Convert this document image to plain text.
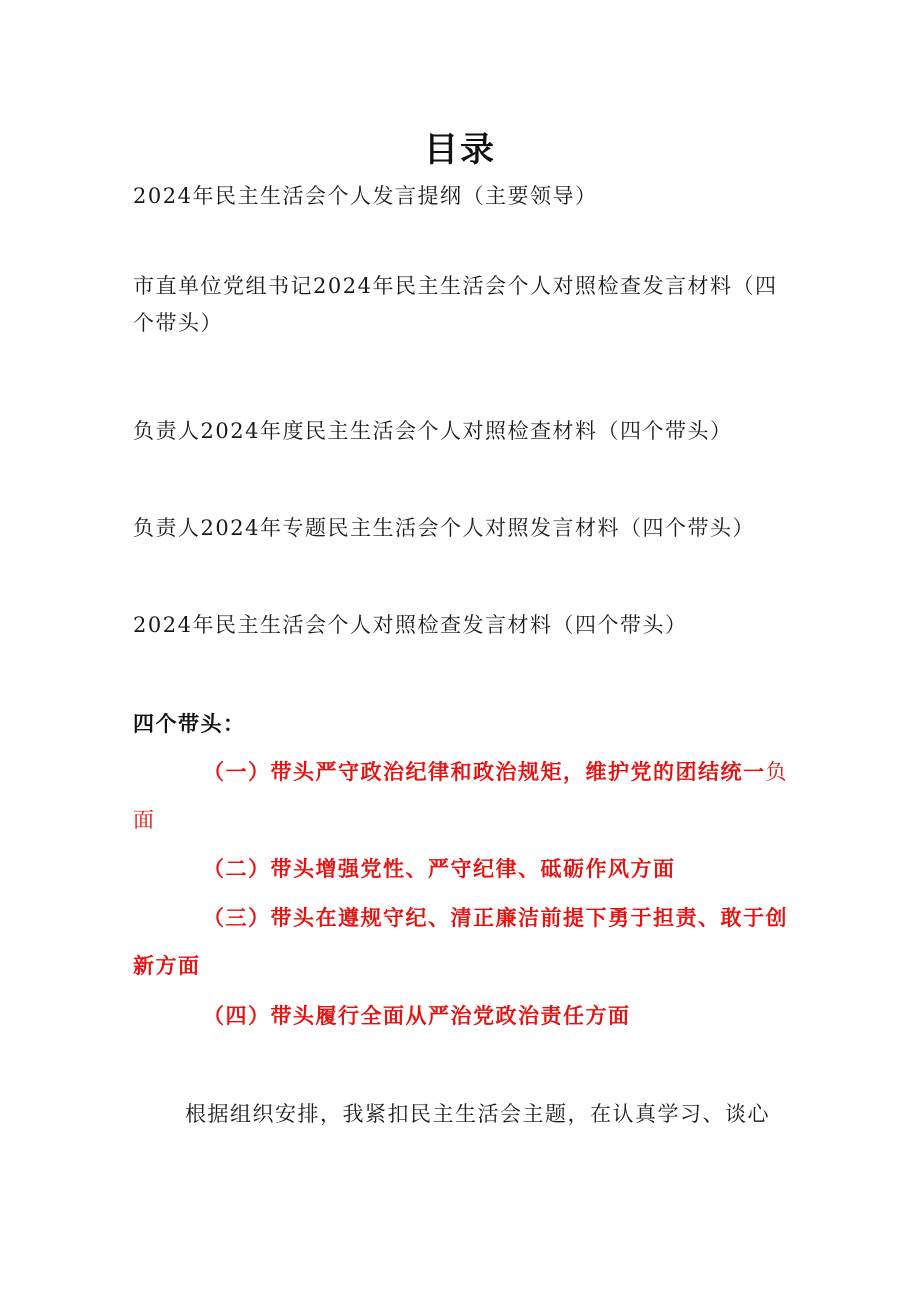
目录
2024年民主生活会个人发言提纲（主要领导）
市直单位党组书记2024年民主生活会个人对照检查发言材料（四个带头）
负责人2024年度民主生活会个人对照检查材料（四个带头）
负责人2024年专题民主生活会个人对照发言材料（四个带头）
2024年民主生活会个人对照检查发言材料（四个带头）
四个带头：
（一）带头严守政治纪律和政治规矩，维护党的团结统一负面
（二）带头增强党性、严守纪律、砥砺作风方面
（三）带头在遵规守纪、清正廉洁前提下勇于担责、敢于创新方面
（四）带头履行全面从严治党政治责任方面
根据组织安排，我紧扣民主生活会主题，在认真学习、谈心
